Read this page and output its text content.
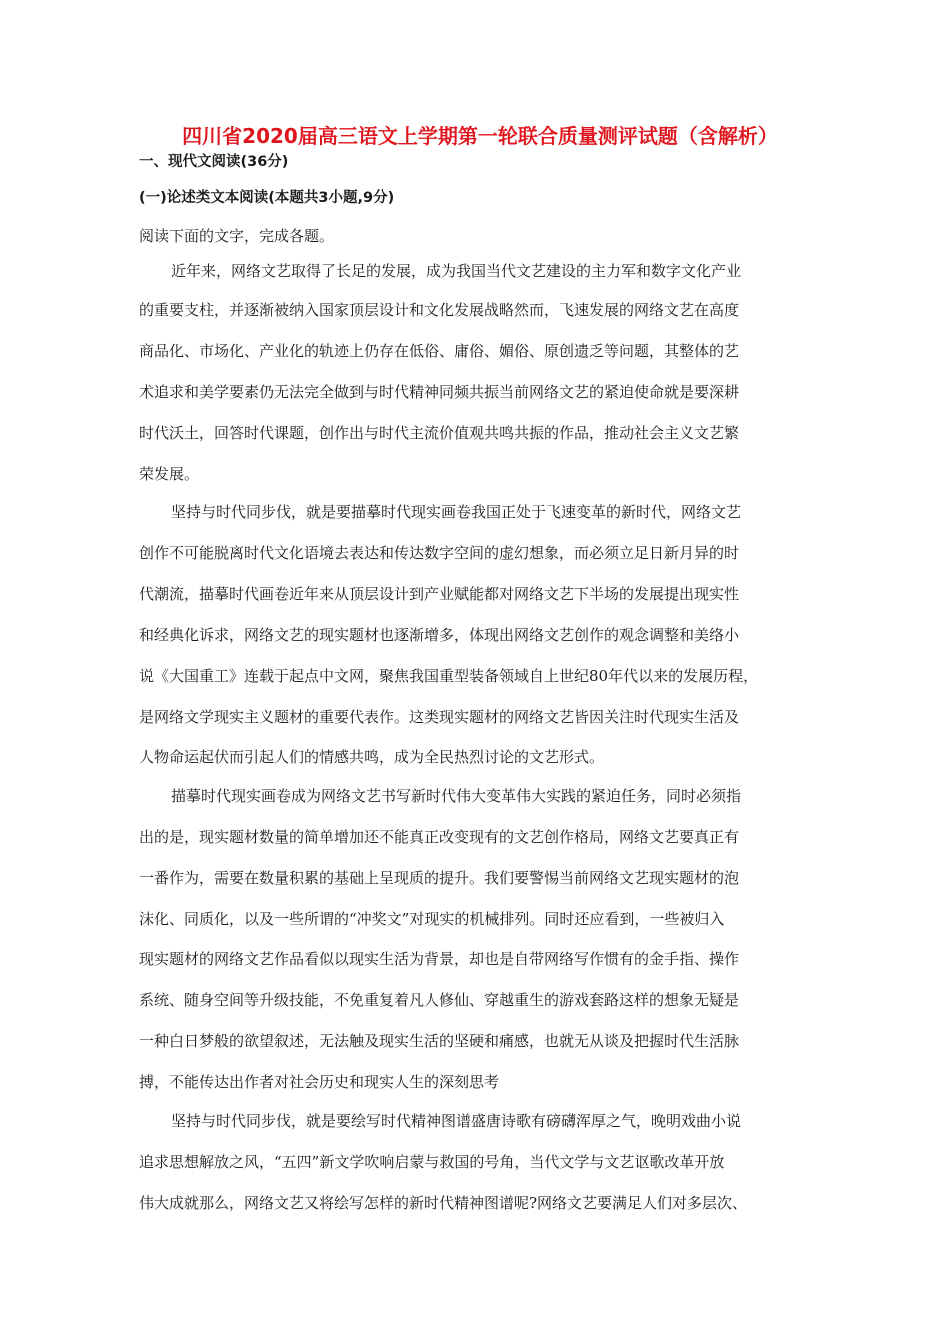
四川省2020届高三语文上学期第一轮联合质量测评试题（含解析）
一、现代文阅读(36分)
(一)论述类文本阅读(本题共3小题,9分)
阅读下面的文字，完成各题。
近年来，网络文艺取得了长足的发展，成为我国当代文艺建设的主力军和数字文化产业
的重要支柱，并逐渐被纳入国家顶层设计和文化发展战略然而，飞速发展的网络文艺在高度
商品化、市场化、产业化的轨迹上仍存在低俗、庸俗、媚俗、原创遗乏等问题，其整体的艺
术追求和美学要素仍无法完全做到与时代精神同频共振当前网络文艺的紧迫使命就是要深耕
时代沃土，回答时代课题，创作出与时代主流价值观共鸣共振的作品，推动社会主义文艺繁
荣发展。
坚持与时代同步伐，就是要描摹时代现实画卷我国正处于飞速变革的新时代，网络文艺
创作不可能脱离时代文化语境去表达和传达数字空间的虚幻想象，而必须立足日新月异的时
代潮流，描摹时代画卷近年来从顶层设计到产业赋能都对网络文艺下半场的发展提出现实性
和经典化诉求，网络文艺的现实题材也逐渐增多，体现出网络文艺创作的观念调整和美络小
说《大国重工》连载于起点中文网，聚焦我国重型装备领域自上世纪80年代以来的发展历程，
是网络文学现实主义题材的重要代表作。这类现实题材的网络文艺皆因关注时代现实生活及
人物命运起伏而引起人们的情感共鸣，成为全民热烈讨论的文艺形式。
描摹时代现实画卷成为网络文艺书写新时代伟大变革伟大实践的紧迫任务，同时必须指
出的是，现实题材数量的简单增加还不能真正改变现有的文艺创作格局，网络文艺要真正有
一番作为，需要在数量积累的基础上呈现质的提升。我们要警惕当前网络文艺现实题材的泡
沫化、同质化，以及一些所谓的“冲奖文”对现实的机械排列。同时还应看到，一些被归入
现实题材的网络文艺作品看似以现实生活为背景，却也是自带网络写作惯有的金手指、操作
系统、随身空间等升级技能，不免重复着凡人修仙、穿越重生的游戏套路这样的想象无疑是
一种白日梦般的欲望叙述，无法触及现实生活的坚硬和痛感，也就无从谈及把握时代生活脉
搏，不能传达出作者对社会历史和现实人生的深刻思考
坚持与时代同步伐，就是要绘写时代精神图谱盛唐诗歌有磅礴浑厚之气，晚明戏曲小说
追求思想解放之风，“五四”新文学吹响启蒙与救国的号角，当代文学与文艺讴歌改革开放
伟大成就那么，网络文艺又将绘写怎样的新时代精神图谱呢?网络文艺要满足人们对多层次、
